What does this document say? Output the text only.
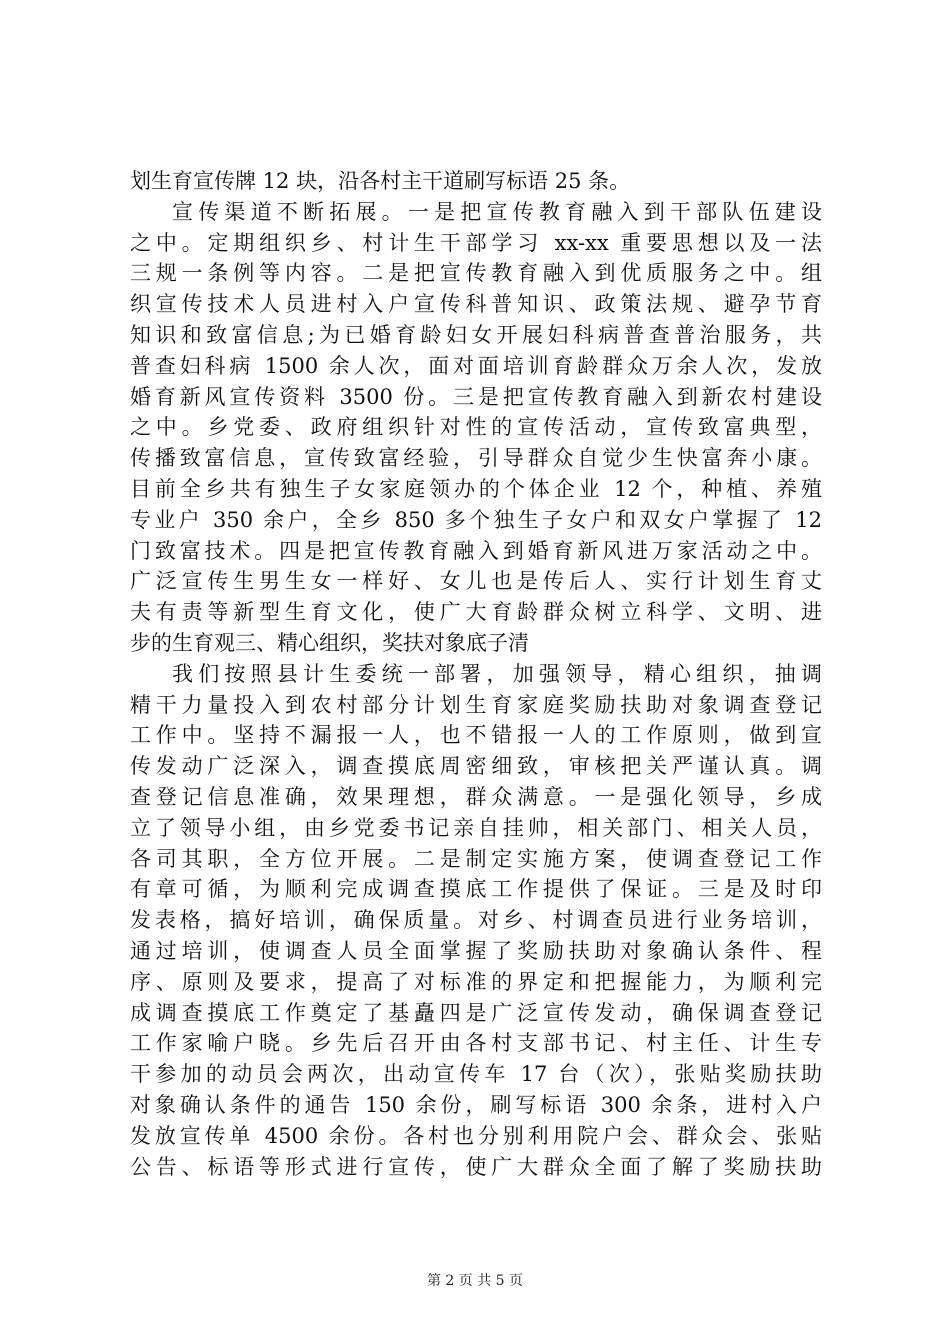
划生育宣传牌 12 块，沿各村主干道刷写标语 25 条。
宣传渠道不断拓展。一是把宣传教育融入到干部队伍建设
之中。定期组织乡、村计生干部学习 xx-xx 重要思想以及一法
三规一条例等内容。二是把宣传教育融入到优质服务之中。组
织宣传技术人员进村入户宣传科普知识、政策法规、避孕节育
知识和致富信息;为已婚育龄妇女开展妇科病普查普治服务，共
普查妇科病 1500 余人次，面对面培训育龄群众万余人次，发放
婚育新风宣传资料 3500 份。三是把宣传教育融入到新农村建设
之中。乡党委、政府组织针对性的宣传活动，宣传致富典型，
传播致富信息，宣传致富经验，引导群众自觉少生快富奔小康。
目前全乡共有独生子女家庭领办的个体企业 12 个，种植、养殖
专业户 350 余户，全乡 850 多个独生子女户和双女户掌握了 12
门致富技术。四是把宣传教育融入到婚育新风进万家活动之中。
广泛宣传生男生女一样好、女儿也是传后人、实行计划生育丈
夫有责等新型生育文化，使广大育龄群众树立科学、文明、进
步的生育观三、精心组织，奖扶对象底子清
我们按照县计生委统一部署，加强领导，精心组织，抽调
精干力量投入到农村部分计划生育家庭奖励扶助对象调查登记
工作中。坚持不漏报一人，也不错报一人的工作原则，做到宣
传发动广泛深入，调查摸底周密细致，审核把关严谨认真。调
查登记信息准确，效果理想，群众满意。一是强化领导，乡成
立了领导小组，由乡党委书记亲自挂帅，相关部门、相关人员，
各司其职，全方位开展。二是制定实施方案，使调查登记工作
有章可循，为顺利完成调查摸底工作提供了保证。三是及时印
发表格，搞好培训，确保质量。对乡、村调查员进行业务培训，
通过培训，使调查人员全面掌握了奖励扶助对象确认条件、程
序、原则及要求，提高了对标准的界定和把握能力，为顺利完
成调查摸底工作奠定了基矗四是广泛宣传发动，确保调查登记
工作家喻户晓。乡先后召开由各村支部书记、村主任、计生专
干参加的动员会两次，出动宣传车 17 台（次），张贴奖励扶助
对象确认条件的通告 150 余份，刷写标语 300 余条，进村入户
发放宣传单 4500 余份。各村也分别利用院户会、群众会、张贴
公告、标语等形式进行宣传，使广大群众全面了解了奖励扶助
第 2 页 共 5 页
